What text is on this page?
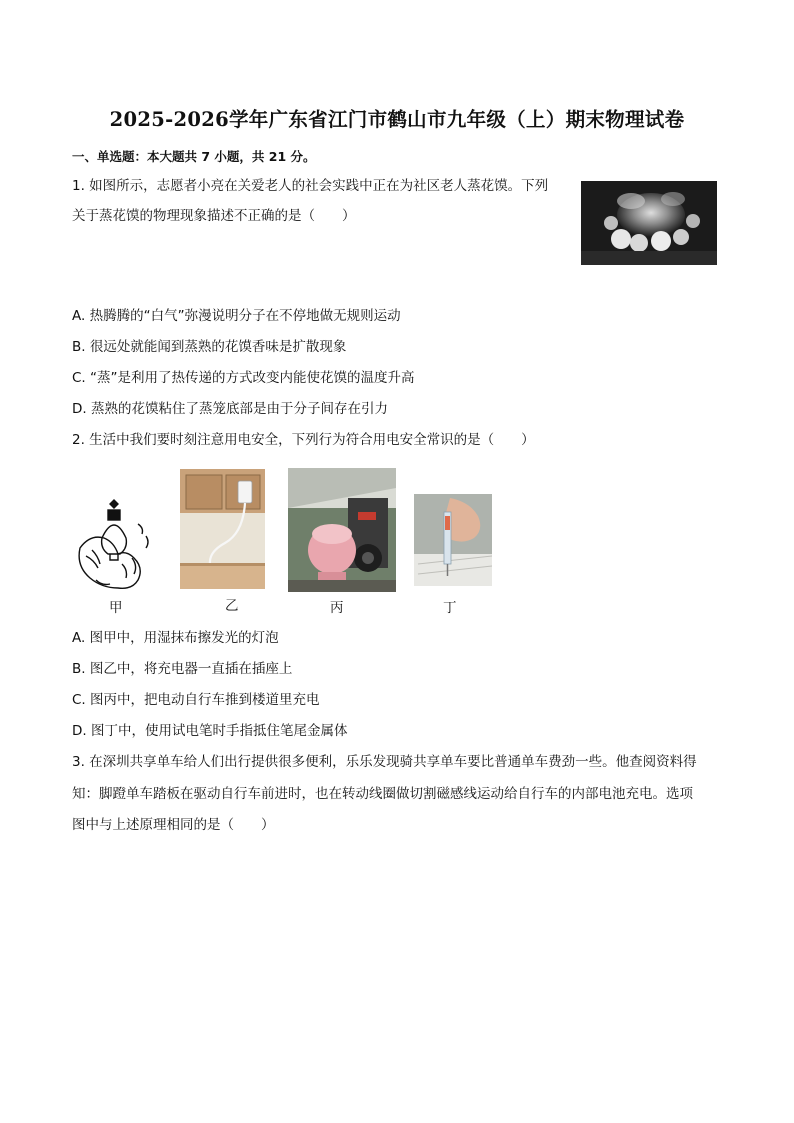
2025-2026学年广东省江门市鹤山市九年级（上）期末物理试卷
一、单选题：本大题共 7 小题，共 21 分。
1. 如图所示，志愿者小亮在关爱老人的社会实践中正在为社区老人蒸花馍。下列
关于蒸花馍的物理现象描述不正确的是（　　）
A. 热腾腾的“白气”弥漫说明分子在不停地做无规则运动
B. 很远处就能闻到蒸熟的花馍香味是扩散现象
C. “蒸”是利用了热传递的方式改变内能使花馍的温度升高
D. 蒸熟的花馍粘住了蒸笼底部是由于分子间存在引力
2. 生活中我们要时刻注意用电安全，下列行为符合用电安全常识的是（　　）
甲	乙	丙	丁
A. 图甲中，用湿抹布擦发光的灯泡
B. 图乙中，将充电器一直插在插座上
C. 图丙中，把电动自行车推到楼道里充电
D. 图丁中，使用试电笔时手指抵住笔尾金属体
3. 在深圳共享单车给人们出行提供很多便利，乐乐发现骑共享单车要比普通单车费劲一些。他查阅资料得
知：脚蹬单车踏板在驱动自行车前进时，也在转动线圈做切割磁感线运动给自行车的内部电池充电。选项
图中与上述原理相同的是（　　）
